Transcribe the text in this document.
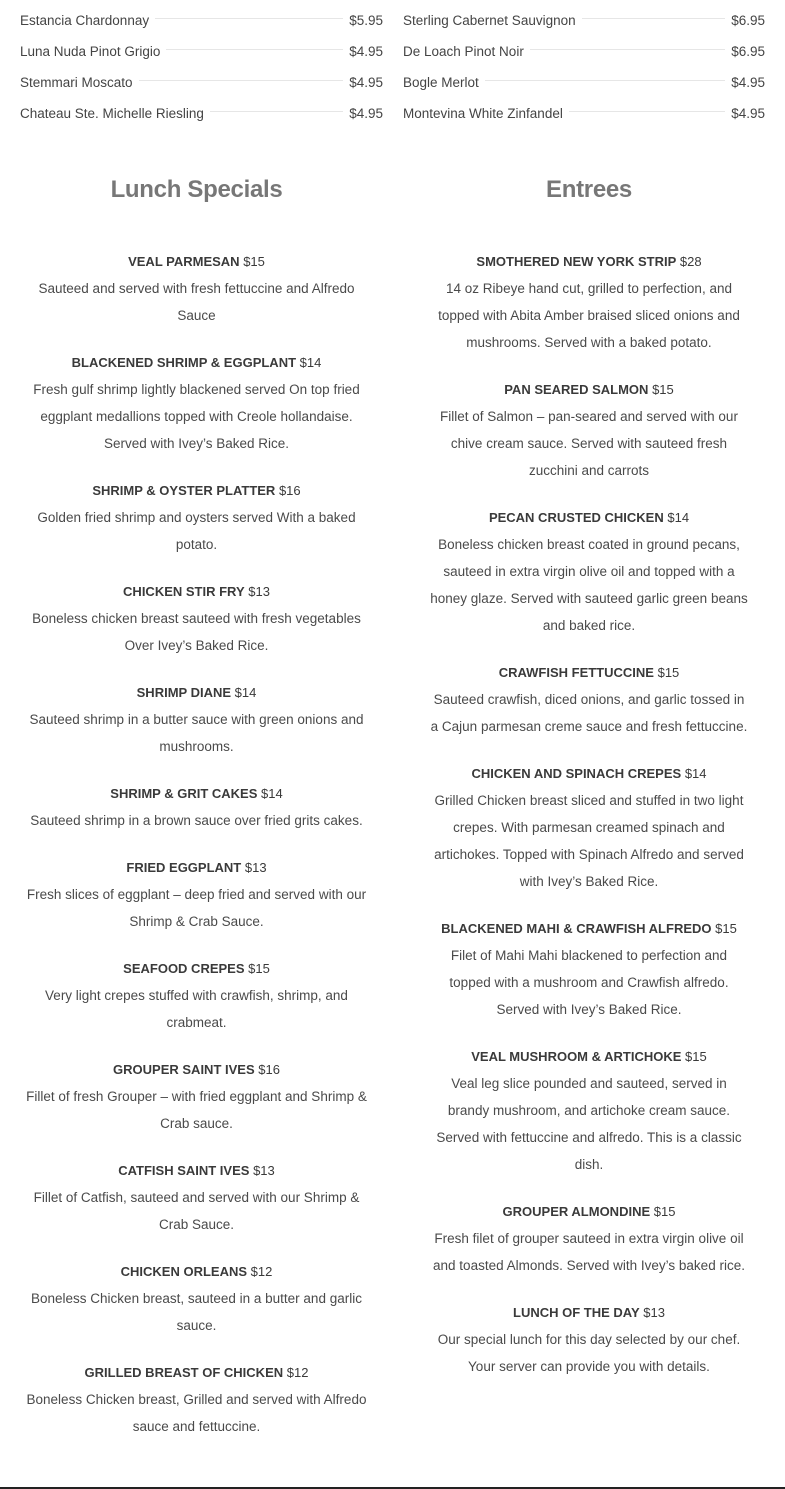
Estancia Chardonnay	$5.95
Luna Nuda Pinot Grigio	$4.95
Stemmari Moscato	$4.95
Chateau Ste. Michelle Riesling	$4.95
Sterling Cabernet Sauvignon	$6.95
De Loach Pinot Noir	$6.95
Bogle Merlot	$4.95
Montevina White Zinfandel	$4.95
Lunch Specials
VEAL PARMESAN $15
Sauteed and served with fresh fettuccine and Alfredo Sauce
BLACKENED SHRIMP & EGGPLANT $14
Fresh gulf shrimp lightly blackened served On top fried eggplant medallions topped with Creole hollandaise. Served with Ivey’s Baked Rice.
SHRIMP & OYSTER PLATTER $16
Golden fried shrimp and oysters served With a baked potato.
CHICKEN STIR FRY $13
Boneless chicken breast sauteed with fresh vegetables Over Ivey’s Baked Rice.
SHRIMP DIANE $14
Sauteed shrimp in a butter sauce with green onions and mushrooms.
SHRIMP & GRIT CAKES $14
Sauteed shrimp in a brown sauce over fried grits cakes.
FRIED EGGPLANT $13
Fresh slices of eggplant – deep fried and served with our Shrimp & Crab Sauce.
SEAFOOD CREPES $15
Very light crepes stuffed with crawfish, shrimp, and crabmeat.
GROUPER SAINT IVES $16
Fillet of fresh Grouper – with fried eggplant and Shrimp & Crab sauce.
CATFISH SAINT IVES $13
Fillet of Catfish, sauteed and served with our Shrimp & Crab Sauce.
CHICKEN ORLEANS $12
Boneless Chicken breast, sauteed in a butter and garlic sauce.
GRILLED BREAST OF CHICKEN $12
Boneless Chicken breast, Grilled and served with Alfredo sauce and fettuccine.
Entrees
SMOTHERED NEW YORK STRIP $28
14 oz Ribeye hand cut, grilled to perfection, and topped with Abita Amber braised sliced onions and mushrooms. Served with a baked potato.
PAN SEARED SALMON $15
Fillet of Salmon – pan-seared and served with our chive cream sauce. Served with sauteed fresh zucchini and carrots
PECAN CRUSTED CHICKEN $14
Boneless chicken breast coated in ground pecans, sauteed in extra virgin olive oil and topped with a honey glaze. Served with sauteed garlic green beans and baked rice.
CRAWFISH FETTUCCINE $15
Sauteed crawfish, diced onions, and garlic tossed in a Cajun parmesan creme sauce and fresh fettuccine.
CHICKEN AND SPINACH CREPES $14
Grilled Chicken breast sliced and stuffed in two light crepes. With parmesan creamed spinach and artichokes. Topped with Spinach Alfredo and served with Ivey’s Baked Rice.
BLACKENED MAHI & CRAWFISH ALFREDO $15
Filet of Mahi Mahi blackened to perfection and topped with a mushroom and Crawfish alfredo. Served with Ivey’s Baked Rice.
VEAL MUSHROOM & ARTICHOKE $15
Veal leg slice pounded and sauteed, served in brandy mushroom, and artichoke cream sauce. Served with fettuccine and alfredo. This is a classic dish.
GROUPER ALMONDINE $15
Fresh filet of grouper sauteed in extra virgin olive oil and toasted Almonds. Served with Ivey’s baked rice.
LUNCH OF THE DAY $13
Our special lunch for this day selected by our chef. Your server can provide you with details.
